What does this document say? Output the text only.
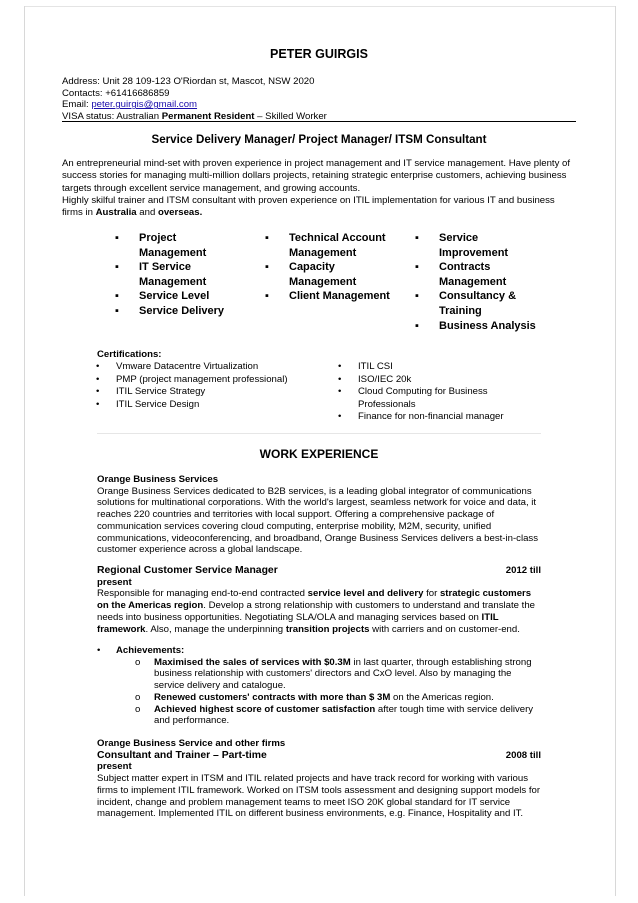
PETER GUIRGIS
Address: Unit 28 109-123 O'Riordan st, Mascot, NSW 2020
Contacts: +61416686859
Email: peter.guirgis@gmail.com
VISA status: Australian Permanent Resident – Skilled Worker
Service Delivery Manager/ Project Manager/ ITSM Consultant
An entrepreneurial mind-set with proven experience in project management and IT service management. Have plenty of success stories for managing multi-million dollars projects, retaining strategic enterprise customers, achieving business targets through excellent service management, and growing accounts.
Highly skilful trainer and ITSM consultant with proven experience on ITIL implementation for various IT and business firms in Australia and overseas.
▪ Project Management
▪ IT Service Management
▪ Service Level
▪ Service Delivery
▪ Technical Account Management
▪ Capacity Management
▪ Client Management
▪ Service Improvement
▪ Contracts Management
▪ Consultancy & Training
▪ Business Analysis
Certifications:
• Vmware Datacentre Virtualization
• PMP (project management professional)
• ITIL Service Strategy
• ITIL Service Design
• ITIL CSI
• ISO/IEC 20k
• Cloud Computing for Business Professionals
• Finance for non-financial manager
WORK EXPERIENCE
Orange Business Services
Orange Business Services dedicated to B2B services, is a leading global integrator of communications solutions for multinational corporations. With the world's largest, seamless network for voice and data, it reaches 220 countries and territories with local support. Offering a comprehensive package of communication services covering cloud computing, enterprise mobility, M2M, security, unified communications, videoconferencing, and broadband, Orange Business Services delivers a best-in-class customer experience across a global landscape.
Regional Customer Service Manager	2012 till
present
Responsible for managing end-to-end contracted service level and delivery for strategic customers on the Americas region. Develop a strong relationship with customers to understand and translate the needs into business opportunities. Negotiating SLA/OLA and managing services based on ITIL framework. Also, manage the underpinning transition projects with carriers and on customer-end.
• Achievements:
o Maximised the sales of services with $0.3M in last quarter, through establishing strong business relationship with customers' directors and CxO level. Also by managing the service delivery and catalogue.
o Renewed customers' contracts with more than $ 3M on the Americas region.
o Achieved highest score of customer satisfaction after tough time with service delivery and performance.
Orange Business Service and other firms
Consultant and Trainer – Part-time	2008 till
present
Subject matter expert in ITSM and ITIL related projects and have track record for working with various firms to implement ITIL framework. Worked on ITSM tools assessment and designing support models for incident, change and problem management teams to meet ISO 20K global standard for IT service management. Implemented ITIL on different business environments, e.g. Finance, Hospitality and IT.
